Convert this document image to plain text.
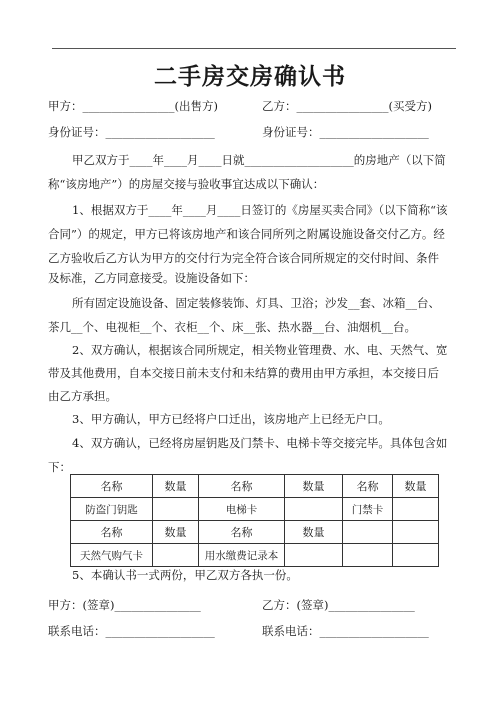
二手房交房确认书
甲方：________________(出售方)	乙方：________________(买受方)
身份证号：___________________	身份证号：___________________
甲乙双方于____年____月____日就___________________的房地产（以下简
称“该房地产”）的房屋交接与验收事宜达成以下确认：
1、根据双方于____年____月____日签订的《房屋买卖合同》（以下简称“该
合同”）的规定，甲方已将该房地产和该合同所列之附属设施设备交付乙方。经
乙方验收后乙方认为甲方的交付行为完全符合该合同所规定的交付时间、条件
及标准，乙方同意接受。设施设备如下：
所有固定设施设备、固定装修装饰、灯具、卫浴；沙发__套、冰箱__台、
茶几__个、电视柜__个、衣柜__个、床__张、热水器__台、油烟机__台。
2、双方确认，根据该合同所规定，相关物业管理费、水、电、天然气、宽
带及其他费用，自本交接日前未支付和未结算的费用由甲方承担，本交接日后
由乙方承担。
3、甲方确认，甲方已经将户口迁出，该房地产上已经无户口。
4、双方确认，已经将房屋钥匙及门禁卡、电梯卡等交接完毕。具体包含如
下：
名称	数量	名称	数量	名称	数量
防盗门钥匙		电梯卡		门禁卡	
名称	数量	名称	数量		
天然气购气卡		用水缴费记录本			
5、本确认书一式两份，甲乙双方各执一份。
甲方：(签章)_______________	乙方：(签章)_______________
联系电话：___________________	联系电话：___________________
